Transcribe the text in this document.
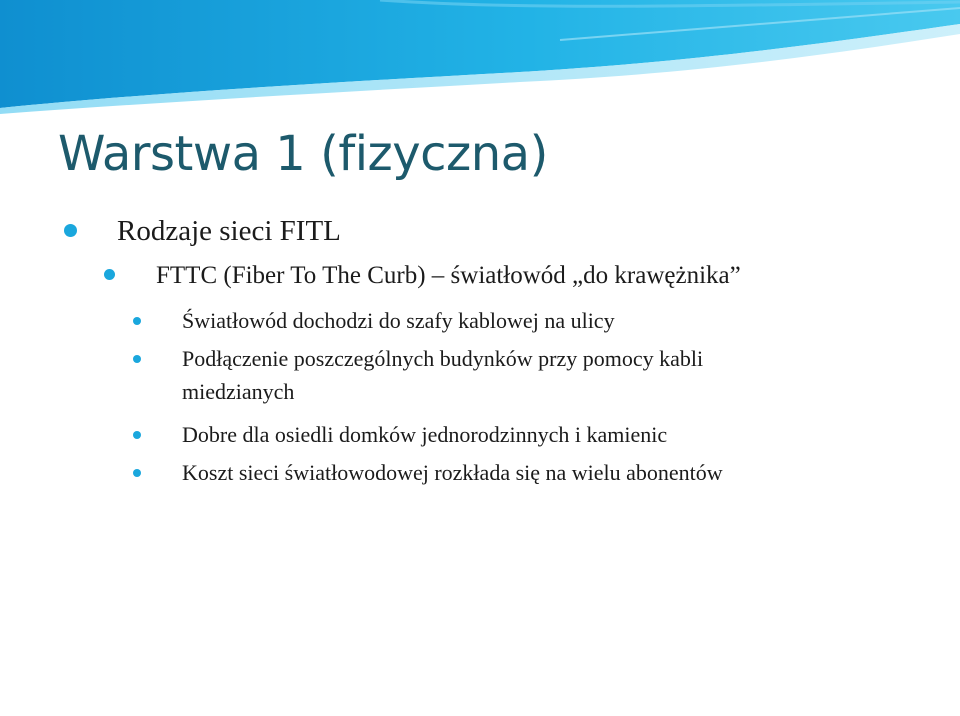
Warstwa 1 (fizyczna)

Rodzaje sieci FITL

FTTC (Fiber To The Curb) – światłowód „do krawężnika”

Światłowód dochodzi do szafy kablowej na ulicy

Podłączenie poszczególnych budynków przy pomocy kabli

miedzianych

Dobre dla osiedli domków jednorodzinnych i kamienic

Koszt sieci światłowodowej rozkłada się na wielu abonentów
